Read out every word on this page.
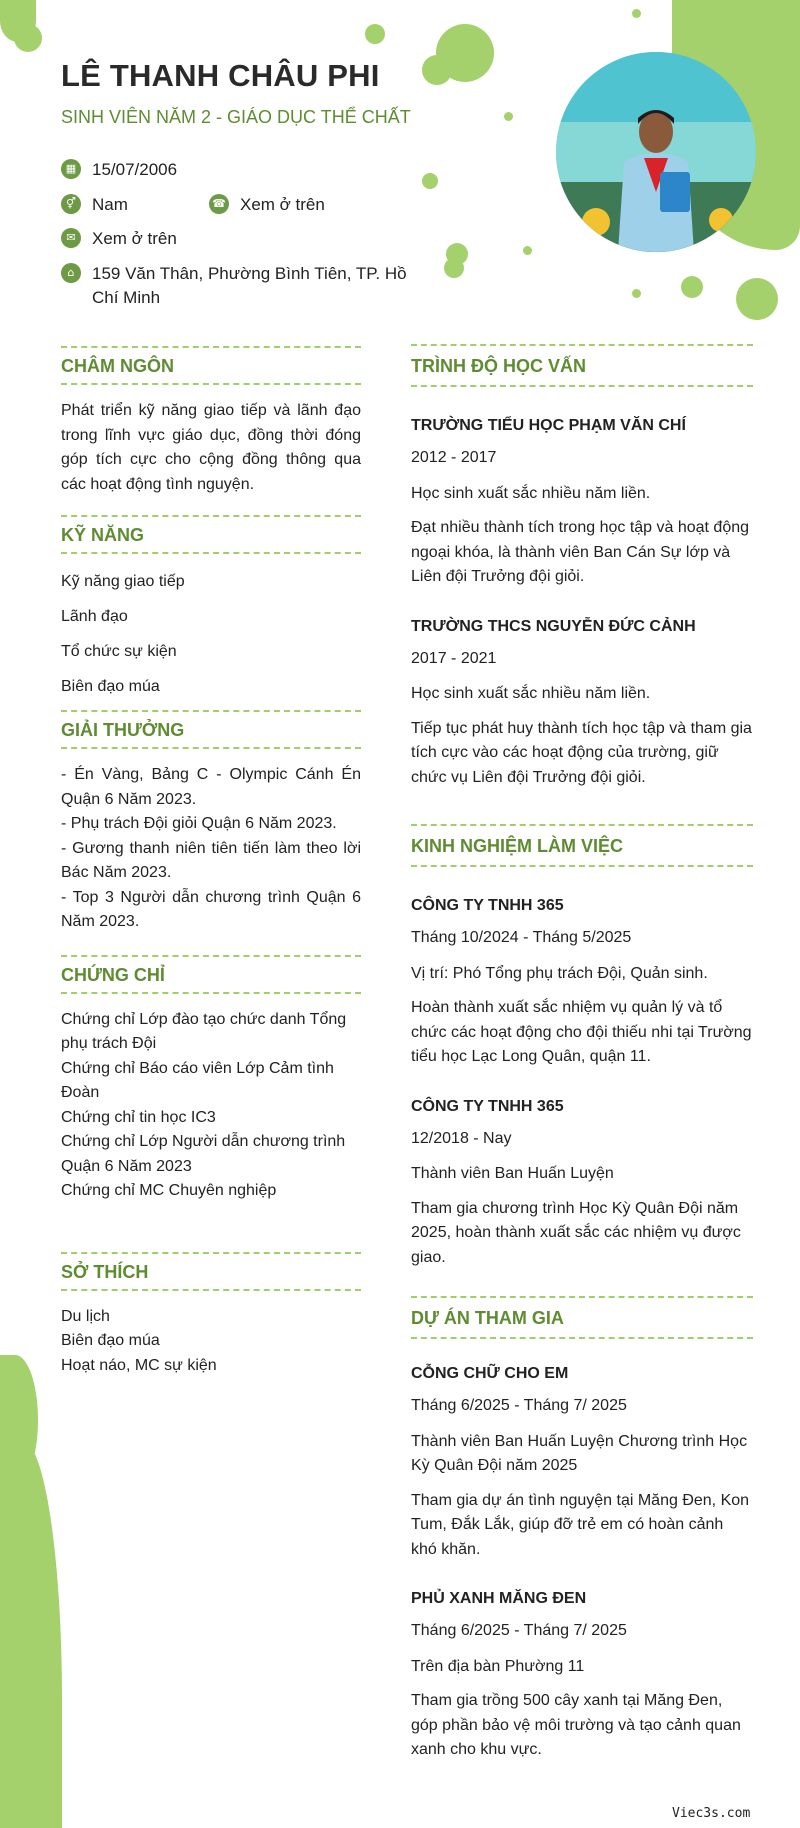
LÊ THANH CHÂU PHI
SINH VIÊN NĂM 2 - GIÁO DỤC THỂ CHẤT
▦ 15/07/2006
⚥ Nam	☎ Xem ở trên
✉ Xem ở trên
⌂	159 Văn Thân, Phường Bình Tiên, TP. Hồ Chí Minh
CHÂM NGÔN
Phát triển kỹ năng giao tiếp và lãnh đạo trong lĩnh vực giáo dục, đồng thời đóng góp tích cực cho cộng đồng thông qua các hoạt động tình nguyện.
KỸ NĂNG
Kỹ năng giao tiếp
Lãnh đạo
Tổ chức sự kiện
Biên đạo múa
GIẢI THƯỞNG
- Én Vàng, Bảng C - Olympic Cánh Én Quận 6 Năm 2023.
- Phụ trách Đội giỏi Quận 6 Năm 2023.
- Gương thanh niên tiên tiến làm theo lời Bác Năm 2023.
- Top 3 Người dẫn chương trình Quận 6 Năm 2023.
CHỨNG CHỈ
Chứng chỉ Lớp đào tạo chức danh Tổng phụ trách Đội
Chứng chỉ Báo cáo viên Lớp Cảm tình Đoàn
Chứng chỉ tin học IC3
Chứng chỉ Lớp Người dẫn chương trình Quận 6 Năm 2023
Chứng chỉ MC Chuyên nghiệp
SỞ THÍCH
Du lịch
Biên đạo múa
Hoạt náo, MC sự kiện
TRÌNH ĐỘ HỌC VẤN
TRƯỜNG TIỂU HỌC PHẠM VĂN CHÍ
2012 - 2017
Học sinh xuất sắc nhiều năm liền.
Đạt nhiều thành tích trong học tập và hoạt động ngoại khóa, là thành viên Ban Cán Sự lớp và Liên đội Trưởng đội giỏi.
TRƯỜNG THCS NGUYỄN ĐỨC CẢNH
2017 - 2021
Học sinh xuất sắc nhiều năm liền.
Tiếp tục phát huy thành tích học tập và tham gia tích cực vào các hoạt động của trường, giữ chức vụ Liên đội Trưởng đội giỏi.
KINH NGHIỆM LÀM VIỆC
CÔNG TY TNHH 365
Tháng 10/2024 - Tháng 5/2025
Vị trí: Phó Tổng phụ trách Đội, Quản sinh.
Hoàn thành xuất sắc nhiệm vụ quản lý và tổ chức các hoạt động cho đội thiếu nhi tại Trường tiểu học Lạc Long Quân, quận 11.
CÔNG TY TNHH 365
12/2018 - Nay
Thành viên Ban Huấn Luyện
Tham gia chương trình Học Kỳ Quân Đội năm 2025, hoàn thành xuất sắc các nhiệm vụ được giao.
DỰ ÁN THAM GIA
CỖNG CHỮ CHO EM
Tháng 6/2025 - Tháng 7/ 2025
Thành viên Ban Huấn Luyện Chương trình Học Kỳ Quân Đội năm 2025
Tham gia dự án tình nguyện tại Măng Đen, Kon Tum, Đắk Lắk, giúp đỡ trẻ em có hoàn cảnh khó khăn.
PHỦ XANH MĂNG ĐEN
Tháng 6/2025 - Tháng 7/ 2025
Trên địa bàn Phường 11
Tham gia trồng 500 cây xanh tại Măng Đen, góp phần bảo vệ môi trường và tạo cảnh quan xanh cho khu vực.
Viec3s.com
